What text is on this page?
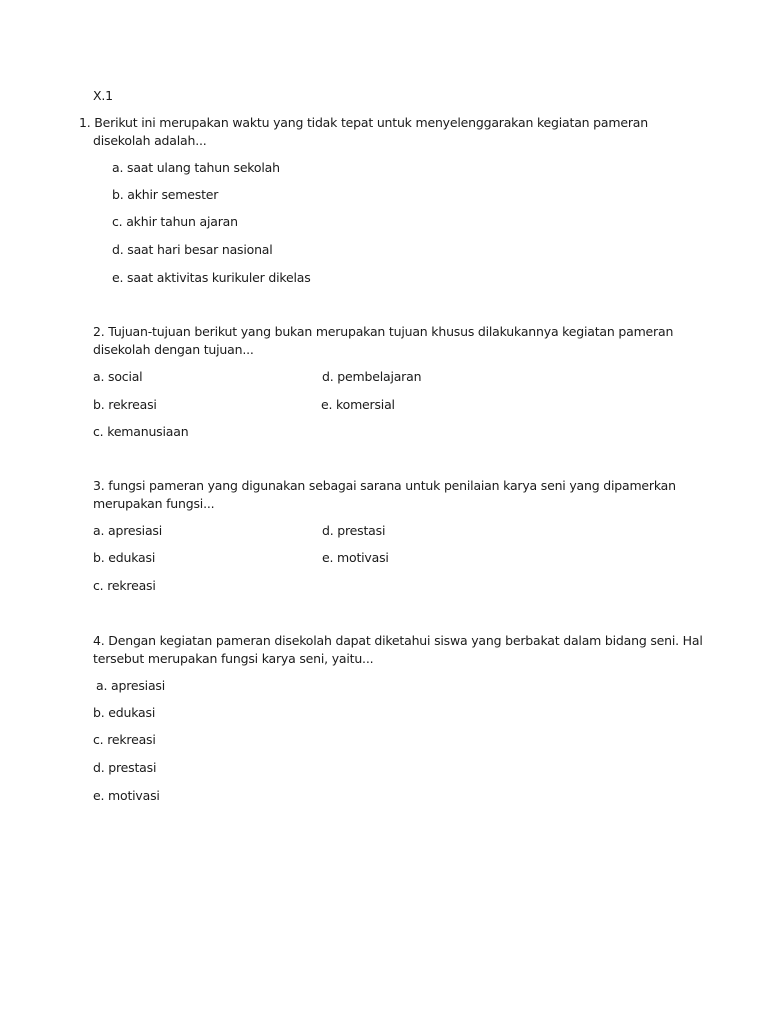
X.1

1. Berikut ini merupakan waktu yang tidak tepat untuk menyelenggarakan kegiatan pameran

disekolah adalah...

a. saat ulang tahun sekolah

b. akhir semester

c. akhir tahun ajaran

d. saat hari besar nasional

e. saat aktivitas kurikuler dikelas

2. Tujuan-tujuan berikut yang bukan merupakan tujuan khusus dilakukannya kegiatan pameran

disekolah dengan tujuan...

a. social	d. pembelajaran

b. rekreasi	e. komersial

c. kemanusiaan

3. fungsi pameran yang digunakan sebagai sarana untuk penilaian karya seni yang dipamerkan

merupakan fungsi...

a. apresiasi	d. prestasi

b. edukasi	e. motivasi

c. rekreasi

4. Dengan kegiatan pameran disekolah dapat diketahui siswa yang berbakat dalam bidang seni. Hal

tersebut merupakan fungsi karya seni, yaitu...

a. apresiasi

b. edukasi

c. rekreasi

d. prestasi

e. motivasi
